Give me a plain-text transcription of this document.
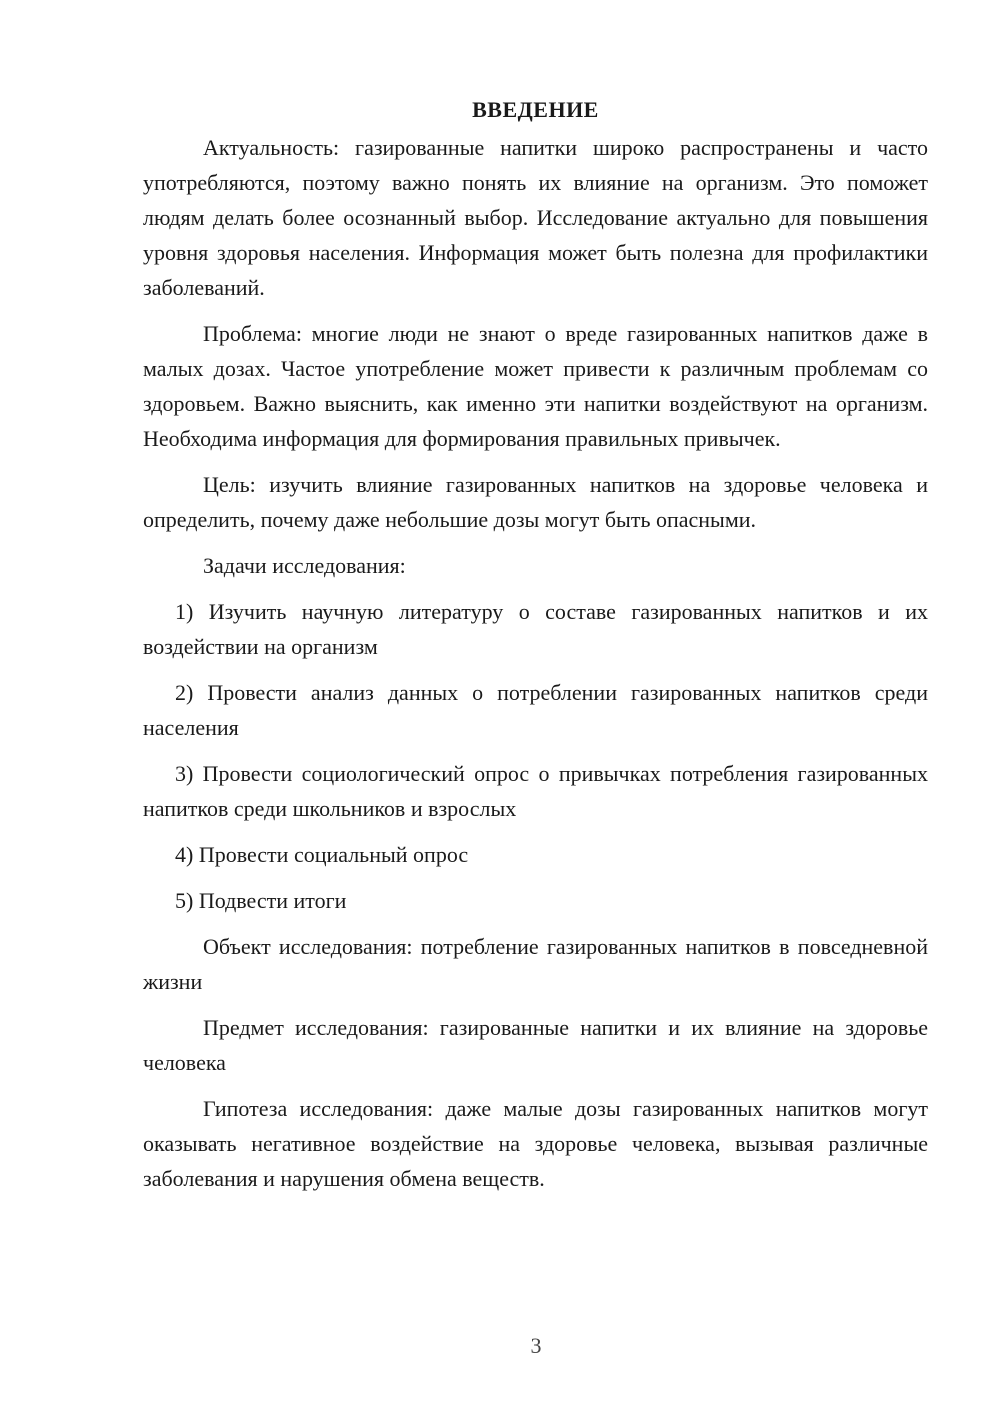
ВВЕДЕНИЕ

Актуальность: газированные напитки широко распространены и часто употребляются, поэтому важно понять их влияние на организм. Это поможет людям делать более осознанный выбор. Исследование актуально для повышения уровня здоровья населения. Информация может быть полезна для профилактики заболеваний.

Проблема: многие люди не знают о вреде газированных напитков даже в малых дозах. Частое употребление может привести к различным проблемам со здоровьем. Важно выяснить, как именно эти напитки воздействуют на организм. Необходима информация для формирования правильных привычек.

Цель: изучить влияние газированных напитков на здоровье человека и определить, почему даже небольшие дозы могут быть опасными.

Задачи исследования:

1) Изучить научную литературу о составе газированных напитков и их воздействии на организм

2) Провести анализ данных о потреблении газированных напитков среди населения

3) Провести социологический опрос о привычках потребления газированных напитков среди школьников и взрослых

4) Провести социальный опрос

5) Подвести итоги

Объект исследования: потребление газированных напитков в повседневной жизни

Предмет исследования: газированные напитки и их влияние на здоровье человека

Гипотеза исследования: даже малые дозы газированных напитков могут оказывать негативное воздействие на здоровье человека, вызывая различные заболевания и нарушения обмена веществ.

3
